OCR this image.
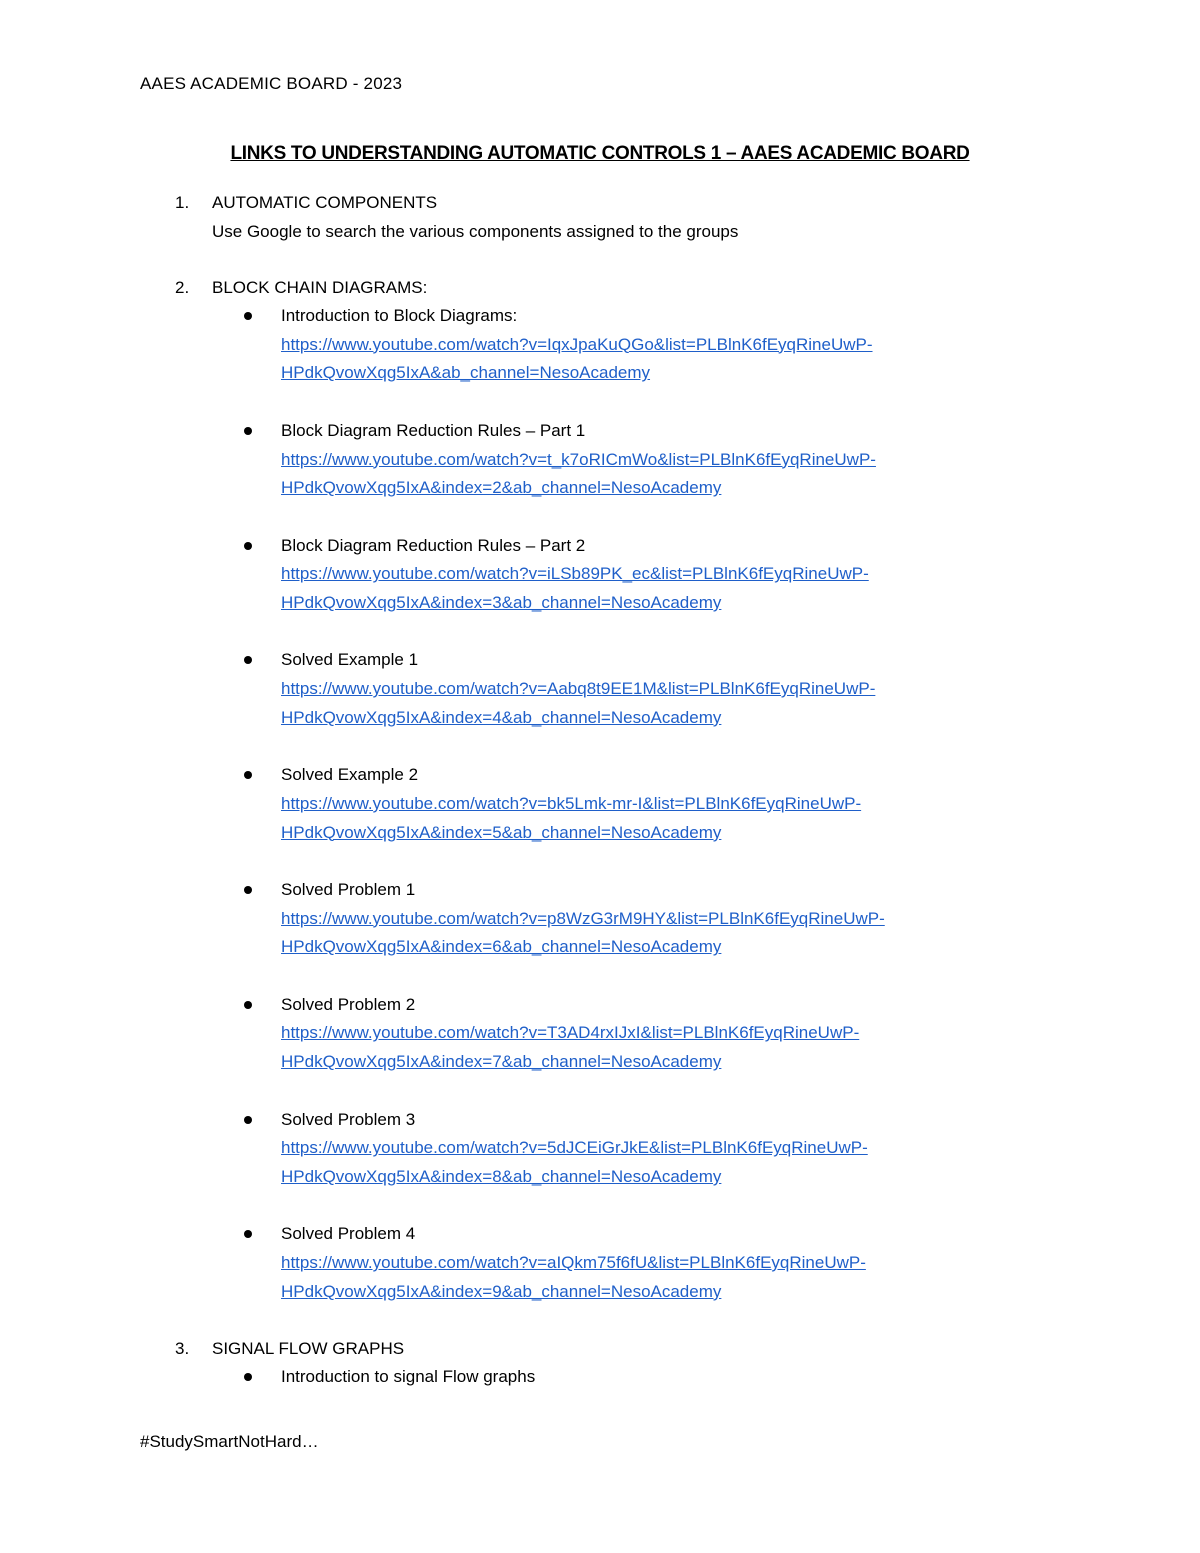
AAES ACADEMIC BOARD - 2023
LINKS TO UNDERSTANDING AUTOMATIC CONTROLS 1 – AAES ACADEMIC BOARD
1.	AUTOMATIC COMPONENTS
Use Google to search the various components assigned to the groups
2.	BLOCK CHAIN DIAGRAMS:
Introduction to Block Diagrams:
https://www.youtube.com/watch?v=IqxJpaKuQGo&list=PLBlnK6fEyqRineUwP-
HPdkQvowXqg5IxA&ab_channel=NesoAcademy
Block Diagram Reduction Rules – Part 1
https://www.youtube.com/watch?v=t_k7oRICmWo&list=PLBlnK6fEyqRineUwP-
HPdkQvowXqg5IxA&index=2&ab_channel=NesoAcademy
Block Diagram Reduction Rules – Part 2
https://www.youtube.com/watch?v=iLSb89PK_ec&list=PLBlnK6fEyqRineUwP-
HPdkQvowXqg5IxA&index=3&ab_channel=NesoAcademy
Solved Example 1
https://www.youtube.com/watch?v=Aabq8t9EE1M&list=PLBlnK6fEyqRineUwP-
HPdkQvowXqg5IxA&index=4&ab_channel=NesoAcademy
Solved Example 2
https://www.youtube.com/watch?v=bk5Lmk-mr-I&list=PLBlnK6fEyqRineUwP-
HPdkQvowXqg5IxA&index=5&ab_channel=NesoAcademy
Solved Problem 1
https://www.youtube.com/watch?v=p8WzG3rM9HY&list=PLBlnK6fEyqRineUwP-
HPdkQvowXqg5IxA&index=6&ab_channel=NesoAcademy
Solved Problem 2
https://www.youtube.com/watch?v=T3AD4rxIJxI&list=PLBlnK6fEyqRineUwP-
HPdkQvowXqg5IxA&index=7&ab_channel=NesoAcademy
Solved Problem 3
https://www.youtube.com/watch?v=5dJCEiGrJkE&list=PLBlnK6fEyqRineUwP-
HPdkQvowXqg5IxA&index=8&ab_channel=NesoAcademy
Solved Problem 4
https://www.youtube.com/watch?v=aIQkm75f6fU&list=PLBlnK6fEyqRineUwP-
HPdkQvowXqg5IxA&index=9&ab_channel=NesoAcademy
3.	SIGNAL FLOW GRAPHS
Introduction to signal Flow graphs
#StudySmartNotHard…
